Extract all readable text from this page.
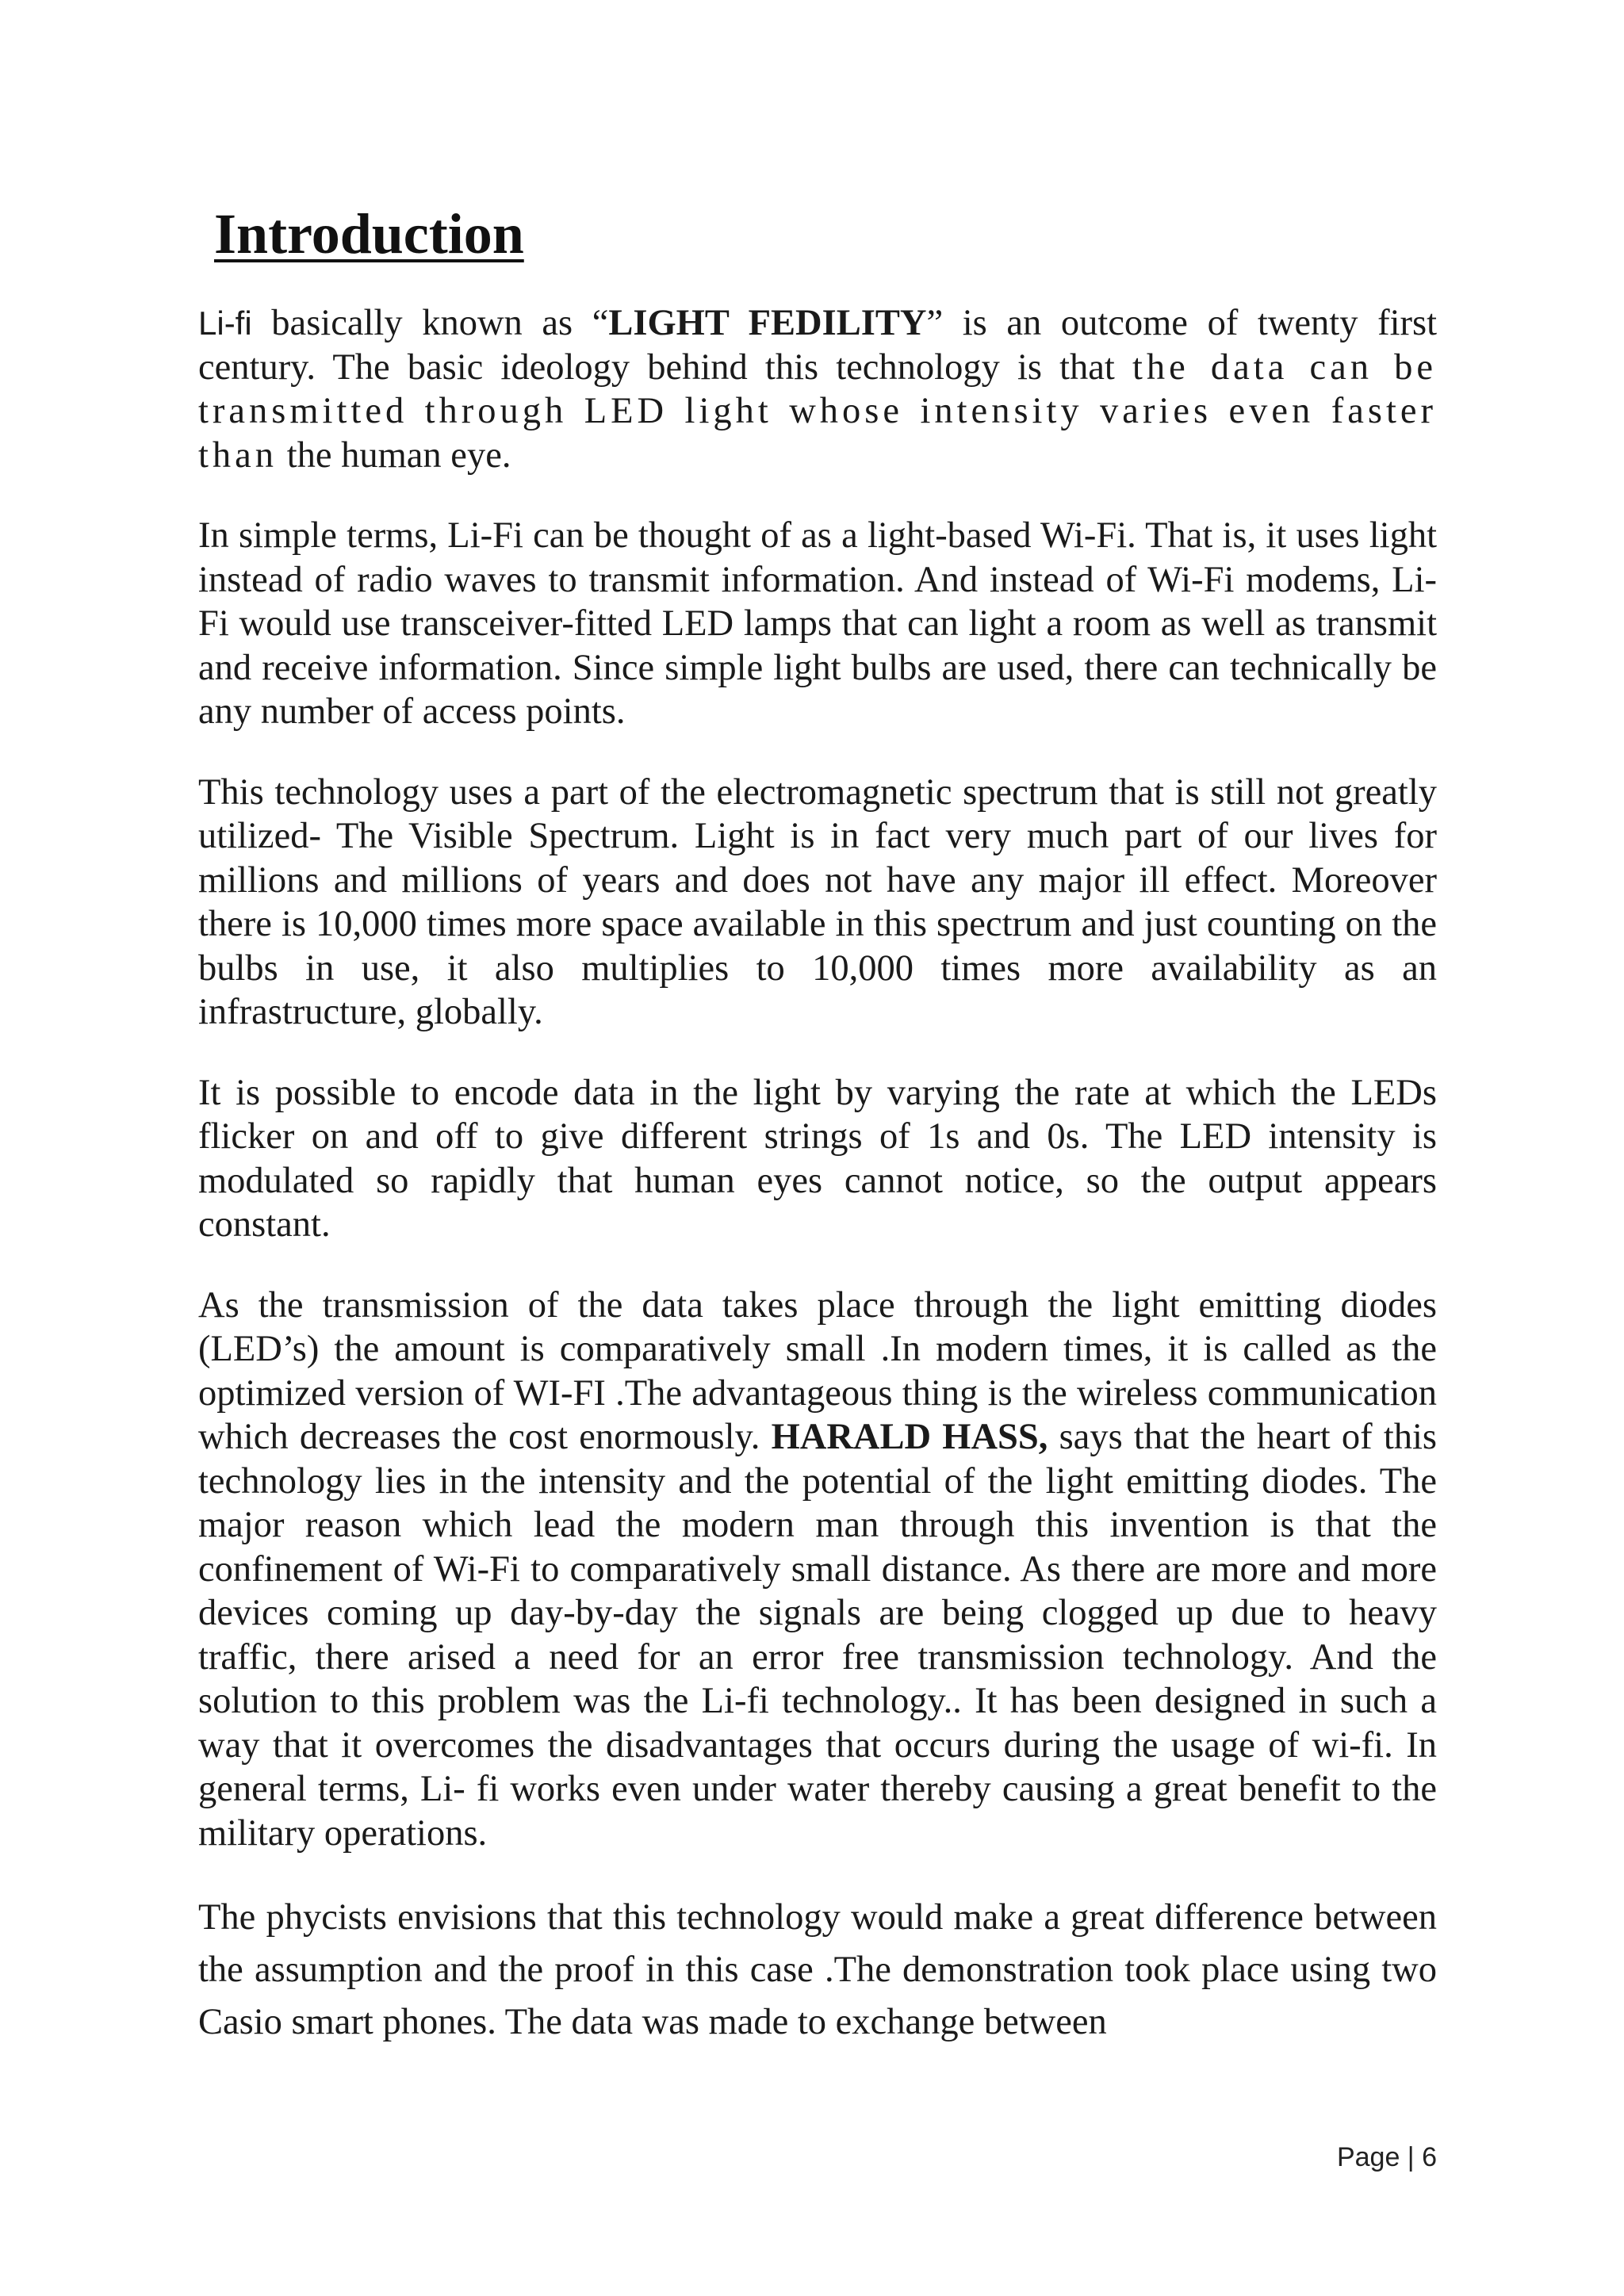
Introduction

Li-fi basically known as “LIGHT FEDILITY” is an outcome of twenty first century. The basic ideology behind this technology is that the data can be transmitted through LED light whose intensity varies even faster than the human eye.

In simple terms, Li-Fi can be thought of as a light-based Wi-Fi. That is, it uses light instead of radio waves to transmit information. And instead of Wi-Fi modems, Li-Fi would use transceiver-fitted LED lamps that can light a room as well as transmit and receive information. Since simple light bulbs are used, there can technically be any number of access points.

This technology uses a part of the electromagnetic spectrum that is still not greatly utilized- The Visible Spectrum. Light is in fact very much part of our lives for millions and millions of years and does not have any major ill effect. Moreover there is 10,000 times more space available in this spectrum and just counting on the bulbs in use, it also multiplies to 10,000 times more availability as an infrastructure, globally.

It is possible to encode data in the light by varying the rate at which the LEDs flicker on and off to give different strings of 1s and 0s. The LED intensity is modulated so rapidly that human eyes cannot notice, so the output appears constant.

As the transmission of the data takes place through the light emitting diodes (LED’s) the amount is comparatively small .In modern times, it is called as the optimized version of WI-FI .The advantageous thing is the wireless communication which decreases the cost enormously. HARALD HASS, says that the heart of this technology lies in the intensity and the potential of the light emitting diodes. The major reason which lead the modern man through this invention is that the confinement of Wi-Fi to comparatively small distance. As there are more and more devices coming up day-by-day the signals are being clogged up due to heavy traffic, there arised a need for an error free transmission technology. And the solution to this problem was the Li-fi technology.. It has been designed in such a way that it overcomes the disadvantages that occurs during the usage of wi-fi. In general terms, Li- fi works even under water thereby causing a great benefit to the military operations.

The phycists envisions that this technology would make a great difference between the assumption and the proof in this case .The demonstration took place using two Casio smart phones. The data was made to exchange between

Page | 6
